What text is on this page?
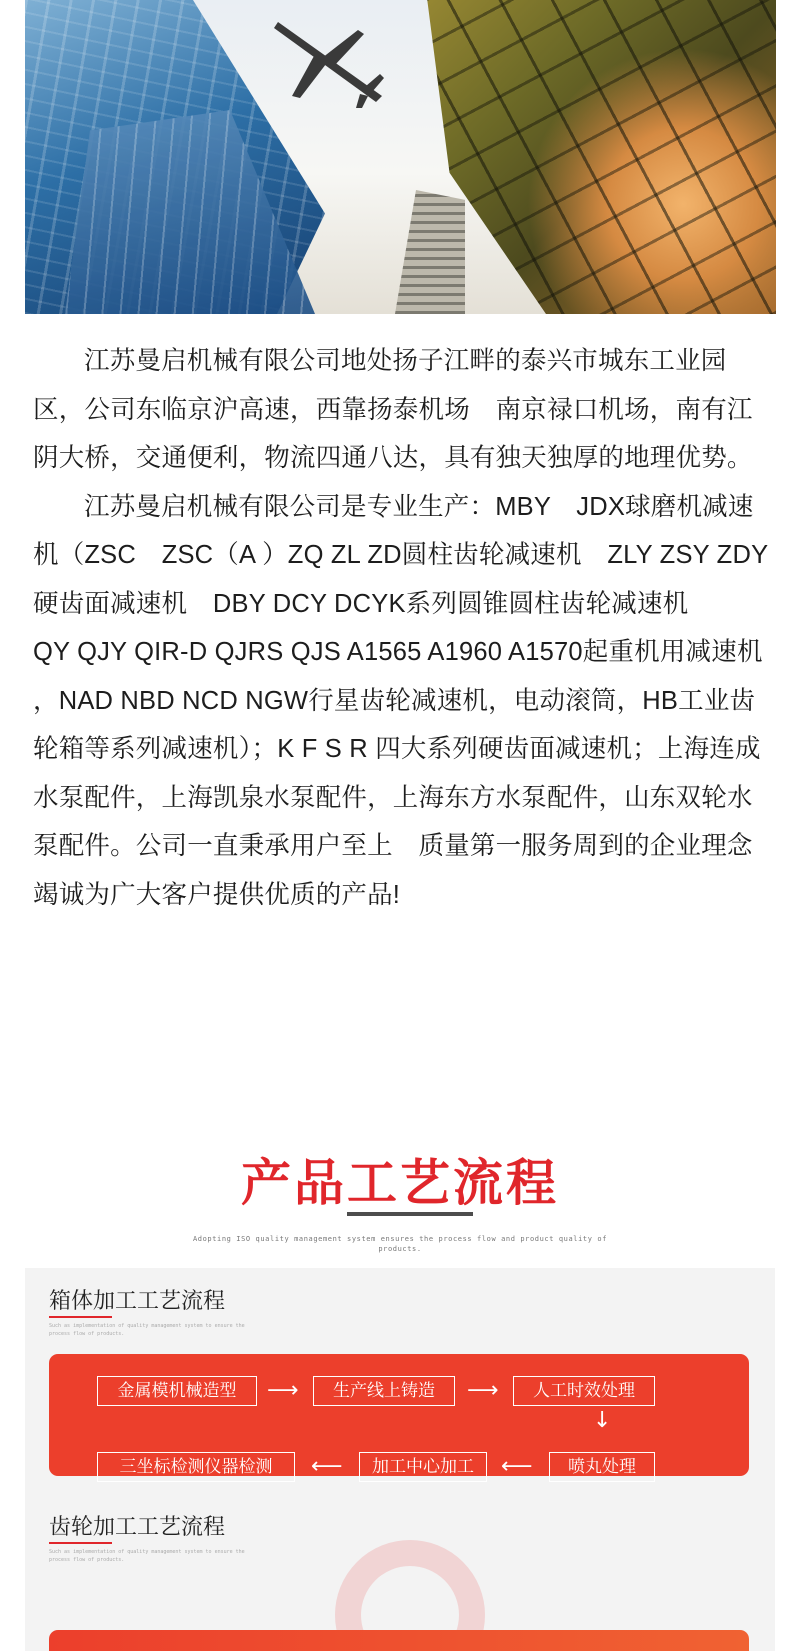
江苏曼启机械有限公司地处扬子江畔的泰兴市城东工业园区，公司东临京沪高速，西靠扬泰机场　南京禄口机场，南有江阴大桥，交通便利，物流四通八达，具有独天独厚的地理优势。

江苏曼启机械有限公司是专业生产：MBY　JDX球磨机减速机（ZSC　ZSC（A ）ZQ ZL ZD圆柱齿轮减速机　ZLY ZSY ZDY硬齿面减速机　DBY DCY DCYK系列圆锥圆柱齿轮减速机　　QY QJY QIR-D QJRS QJS A1565 A1960 A1570起重机用减速机 ，NAD NBD NCD NGW行星齿轮减速机，电动滚筒，HB工业齿轮箱等系列减速机）；K F S R 四大系列硬齿面减速机；上海连成水泵配件，上海凯泉水泵配件，上海东方水泵配件，山东双轮水泵配件。公司一直秉承用户至上　质量第一服务周到的企业理念竭诚为广大客户提供优质的产品!

产品工艺流程
Adopting ISO quality management system ensures the process flow and product quality of products.
箱体加工工艺流程
Such as implementation of quality management system to ensure the process flow of products.
金属模机械造型	⟶	生产线上铸造	⟶	人工时效处理
↓
三坐标检测仪器检测	⟵	加工中心加工	⟵	喷丸处理
齿轮加工工艺流程
Such as implementation of quality management system to ensure the process flow of products.
